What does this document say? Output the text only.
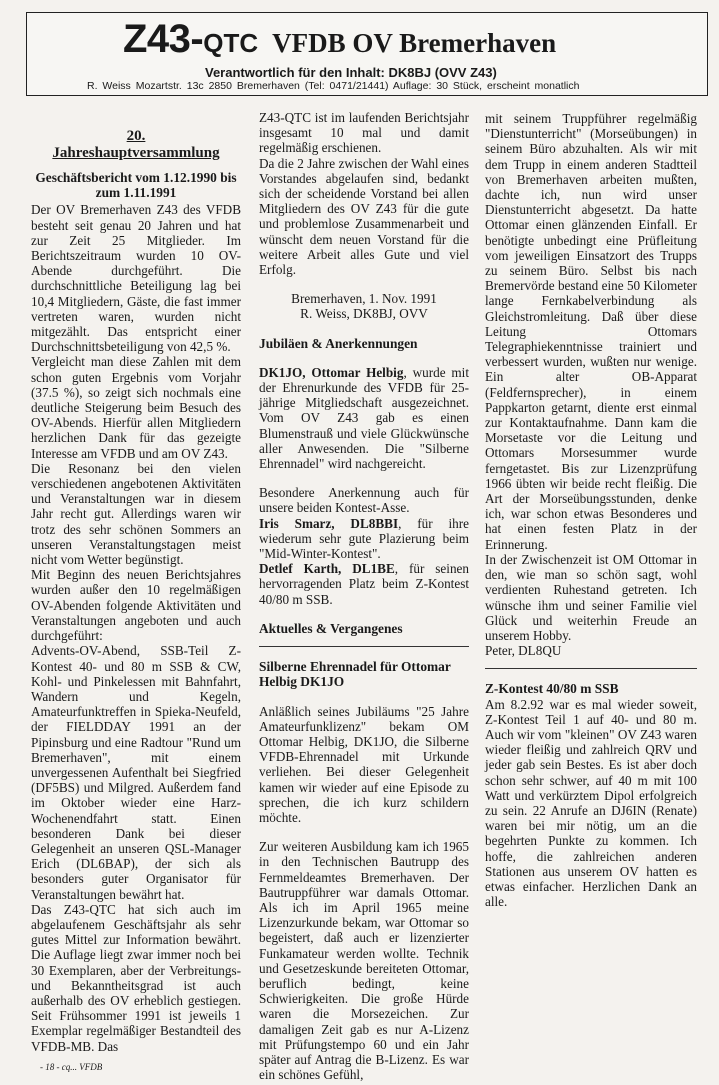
Z43-QTC VFDB OV Bremerhaven
Verantwortlich für den Inhalt: DK8BJ (OVV Z43)
R. Weiss Mozartstr. 13c 2850 Bremerhaven (Tel: 0471/21441) Auflage: 30 Stück, erscheint monatlich

20.

Jahreshauptversammlung

Geschäftsbericht vom 1.12.1990 bis zum 1.11.1991

Der OV Bremerhaven Z43 des VFDB besteht seit genau 20 Jahren und hat zur Zeit 25 Mitglieder. Im Berichtszeitraum wurden 10 OV-Abende durchgeführt. Die durchschnittliche Beteiligung lag bei 10,4 Mitgliedern, Gäste, die fast immer vertreten waren, wurden nicht mitgezählt. Das entspricht einer Durchschnittsbeteiligung von 42,5 %.

Vergleicht man diese Zahlen mit dem schon guten Ergebnis vom Vorjahr (37.5 %), so zeigt sich nochmals eine deutliche Steigerung beim Besuch des OV-Abends. Hierfür allen Mitgliedern herzlichen Dank für das gezeigte Interesse am VFDB und am OV Z43.

Die Resonanz bei den vielen verschiedenen angebotenen Aktivitäten und Veranstaltungen war in diesem Jahr recht gut. Allerdings waren wir trotz des sehr schönen Sommers an unseren Veranstaltungstagen meist nicht vom Wetter begünstigt.

Mit Beginn des neuen Berichtsjahres wurden außer den 10 regelmäßigen OV-Abenden folgende Aktivitäten und Veranstaltungen angeboten und auch durchgeführt:

Advents-OV-Abend, SSB-Teil Z-Kontest 40- und 80 m SSB & CW, Kohl- und Pinkelessen mit Bahnfahrt, Wandern und Kegeln, Amateurfunktreffen in Spieka-Neufeld, der FIELDDAY 1991 an der Pipinsburg und eine Radtour "Rund um Bremerhaven", mit einem unvergessenen Aufenthalt bei Siegfried (DF5BS) und Milgred. Außerdem fand im Oktober wieder eine Harz-Wochenendfahrt statt. Einen besonderen Dank bei dieser Gelegenheit an unseren QSL-Manager Erich (DL6BAP), der sich als besonders guter Organisator für Veranstaltungen bewährt hat.

Das Z43-QTC hat sich auch im abgelaufenem Geschäftsjahr als sehr gutes Mittel zur Information bewährt. Die Auflage liegt zwar immer noch bei 30 Exemplaren, aber der Verbreitungs- und Bekanntheitsgrad ist auch außerhalb des OV erheblich gestiegen. Seit Frühsommer 1991 ist jeweils 1 Exemplar regelmäßiger Bestandteil des VFDB-MB. Das

Z43-QTC ist im laufenden Berichtsjahr insgesamt 10 mal und damit regelmäßig erschienen.

Da die 2 Jahre zwischen der Wahl eines Vorstandes abgelaufen sind, bedankt sich der scheidende Vorstand bei allen Mitgliedern des OV Z43 für die gute und problemlose Zusammenarbeit und wünscht dem neuen Vorstand für die weitere Arbeit alles Gute und viel Erfolg.

Bremerhaven, 1. Nov. 1991

R. Weiss, DK8BJ, OVV

Jubiläen & Anerkennungen

DK1JO, Ottomar Helbig, wurde mit der Ehrenurkunde des VFDB für 25-jährige Mitgliedschaft ausgezeichnet. Vom OV Z43 gab es einen Blumenstrauß und viele Glückwünsche aller Anwesenden. Die "Silberne Ehrennadel" wird nachgereicht.

Besondere Anerkennung auch für unsere beiden Kontest-Asse.

Iris Smarz, DL8BBI, für ihre wiederum sehr gute Plazierung beim "Mid-Winter-Kontest".

Detlef Karth, DL1BE, für seinen hervorragenden Platz beim Z-Kontest 40/80 m SSB.

Aktuelles & Vergangenes

Silberne Ehrennadel für Ottomar Helbig DK1JO

Anläßlich seines Jubiläums "25 Jahre Amateurfunklizenz" bekam OM Ottomar Helbig, DK1JO, die Silberne VFDB-Ehrennadel mit Urkunde verliehen. Bei dieser Gelegenheit kamen wir wieder auf eine Episode zu sprechen, die ich kurz schildern möchte.

Zur weiteren Ausbildung kam ich 1965 in den Technischen Bautrupp des Fernmeldeamtes Bremerhaven. Der Bautruppführer war damals Ottomar. Als ich im April 1965 meine Lizenzurkunde bekam, war Ottomar so begeistert, daß auch er lizenzierter Funkamateur werden wollte. Technik und Gesetzeskunde bereiteten Ottomar, beruflich bedingt, keine Schwierigkeiten. Die große Hürde waren die Morsezeichen. Zur damaligen Zeit gab es nur A-Lizenz mit Prüfungstempo 60 und ein Jahr später auf Antrag die B-Lizenz. Es war ein schönes Gefühl,

mit seinem Truppführer regelmäßig "Dienstunterricht" (Morseübungen) in seinem Büro abzuhalten. Als wir mit dem Trupp in einem anderen Stadtteil von Bremerhaven arbeiten mußten, dachte ich, nun wird unser Dienstunterricht abgesetzt. Da hatte Ottomar einen glänzenden Einfall. Er benötigte unbedingt eine Prüfleitung vom jeweiligen Einsatzort des Trupps zu seinem Büro. Selbst bis nach Bremervörde bestand eine 50 Kilometer lange Fernkabelverbindung als Gleichstromleitung. Daß über diese Leitung Ottomars Telegraphiekenntnisse trainiert und verbessert wurden, wußten nur wenige. Ein alter OB-Apparat (Feldfernsprecher), in einem Pappkarton getarnt, diente erst einmal zur Kontaktaufnahme. Dann kam die Morsetaste vor die Leitung und Ottomars Morsesummer wurde ferngetastet. Bis zur Lizenzprüfung 1966 übten wir beide recht fleißig. Die Art der Morseübungsstunden, denke ich, war schon etwas Besonderes und hat einen festen Platz in der Erinnerung.

In der Zwischenzeit ist OM Ottomar in den, wie man so schön sagt, wohl verdienten Ruhestand getreten. Ich wünsche ihm und seiner Familie viel Glück und weiterhin Freude an unserem Hobby.

Peter, DL8QU

Z-Kontest 40/80 m SSB

Am 8.2.92 war es mal wieder soweit, Z-Kontest Teil 1 auf 40- und 80 m. Auch wir vom "kleinen" OV Z43 waren wieder fleißig und zahlreich QRV und jeder gab sein Bestes. Es ist aber doch schon sehr schwer, auf 40 m mit 100 Watt und verkürztem Dipol erfolgreich zu sein. 22 Anrufe an DJ6IN (Renate) waren bei mir nötig, um an die begehrten Punkte zu kommen. Ich hoffe, die zahlreichen anderen Stationen aus unserem OV hatten es etwas einfacher. Herzlichen Dank an alle.

- 18 - cq... VFDB
